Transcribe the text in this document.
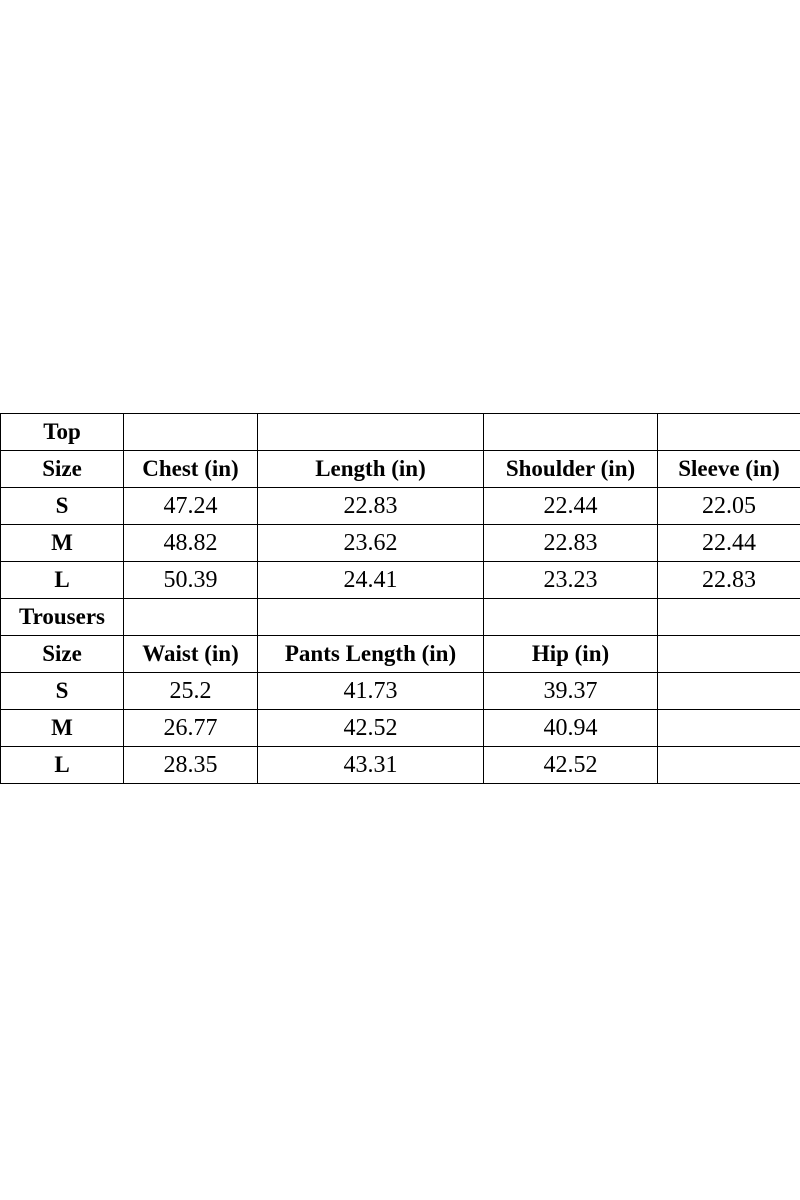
Top				
Size	Chest (in)	Length (in)	Shoulder (in)	Sleeve (in)
S	47.24	22.83	22.44	22.05
M	48.82	23.62	22.83	22.44
L	50.39	24.41	23.23	22.83
Trousers				
Size	Waist (in)	Pants Length (in)	Hip (in)	
S	25.2	41.73	39.37	
M	26.77	42.52	40.94	
L	28.35	43.31	42.52	
